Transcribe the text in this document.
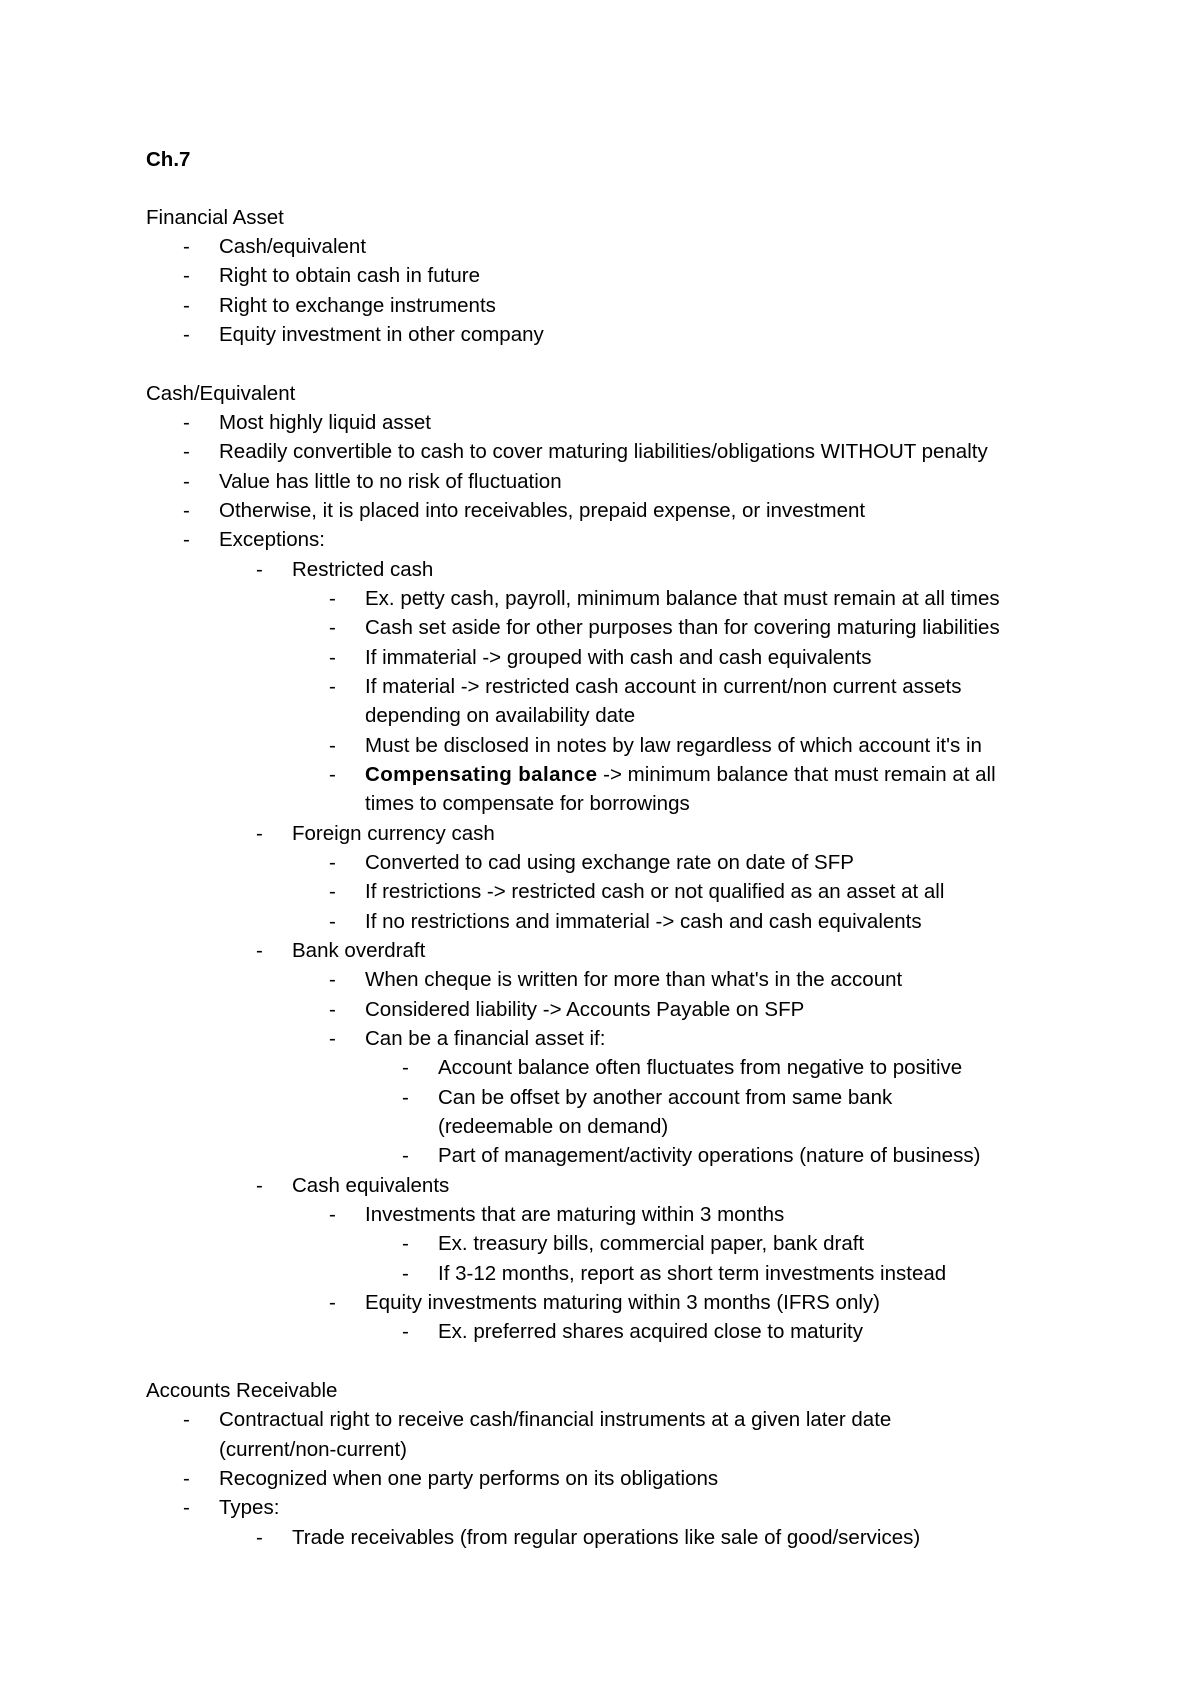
Ch.7
Financial Asset
- Cash/equivalent
- Right to obtain cash in future
- Right to exchange instruments
- Equity investment in other company
Cash/Equivalent
- Most highly liquid asset
- Readily convertible to cash to cover maturing liabilities/obligations WITHOUT penalty
- Value has little to no risk of fluctuation
- Otherwise, it is placed into receivables, prepaid expense, or investment
- Exceptions:
- Restricted cash
- Ex. petty cash, payroll, minimum balance that must remain at all times
- Cash set aside for other purposes than for covering maturing liabilities
- If immaterial -> grouped with cash and cash equivalents
- If material -> restricted cash account in current/non current assets
depending on availability date
- Must be disclosed in notes by law regardless of which account it's in
- Compensating balance -> minimum balance that must remain at all
times to compensate for borrowings
- Foreign currency cash
- Converted to cad using exchange rate on date of SFP
- If restrictions -> restricted cash or not qualified as an asset at all
- If no restrictions and immaterial -> cash and cash equivalents
- Bank overdraft
- When cheque is written for more than what's in the account
- Considered liability -> Accounts Payable on SFP
- Can be a financial asset if:
- Account balance often fluctuates from negative to positive
- Can be offset by another account from same bank
(redeemable on demand)
- Part of management/activity operations (nature of business)
- Cash equivalents
- Investments that are maturing within 3 months
- Ex. treasury bills, commercial paper, bank draft
- If 3-12 months, report as short term investments instead
- Equity investments maturing within 3 months (IFRS only)
- Ex. preferred shares acquired close to maturity
Accounts Receivable
- Contractual right to receive cash/financial instruments at a given later date
(current/non-current)
- Recognized when one party performs on its obligations
- Types:
- Trade receivables (from regular operations like sale of good/services)
